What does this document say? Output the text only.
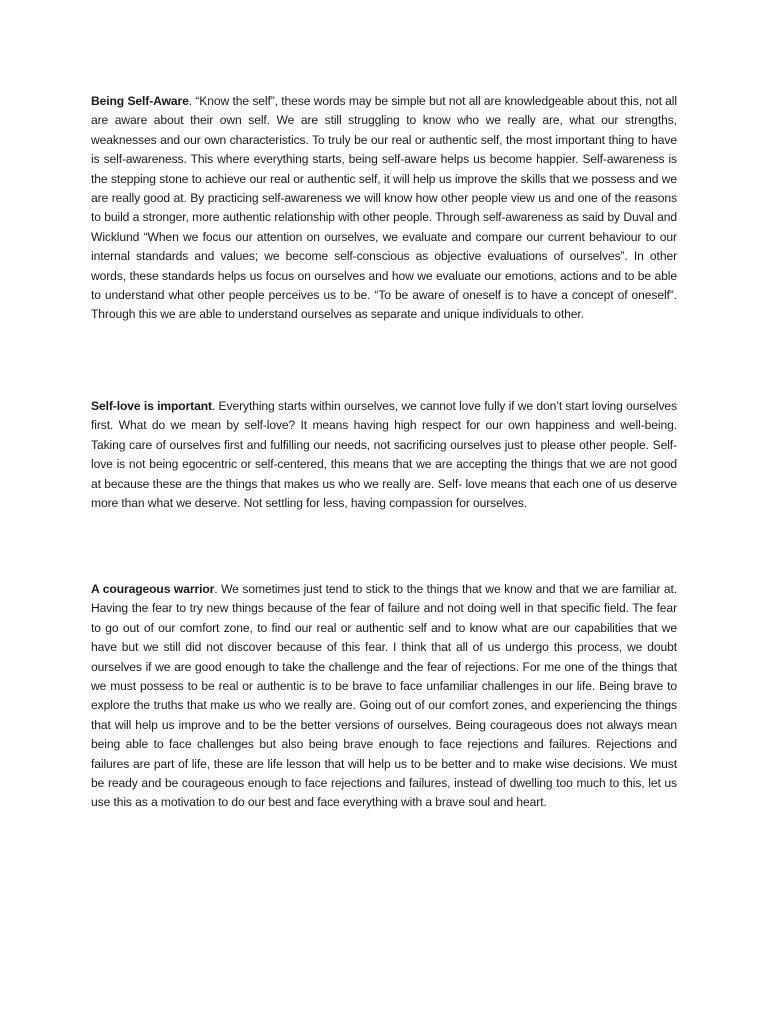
Being Self-Aware. “Know the self”, these words may be simple but not all are knowledgeable about this, not all are aware about their own self. We are still struggling to know who we really are, what our strengths, weaknesses and our own characteristics. To truly be our real or authentic self, the most important thing to have is self-awareness. This where everything starts, being self-aware helps us become happier. Self-awareness is the stepping stone to achieve our real or authentic self, it will help us improve the skills that we possess and we are really good at. By practicing self-awareness we will know how other people view us and one of the reasons to build a stronger, more authentic relationship with other people. Through self-awareness as said by Duval and Wicklund “When we focus our attention on ourselves, we evaluate and compare our current behaviour to our internal standards and values; we become self-conscious as objective evaluations of ourselves”. In other words, these standards helps us focus on ourselves and how we evaluate our emotions, actions and to be able to understand what other people perceives us to be. “To be aware of oneself is to have a concept of oneself”. Through this we are able to understand ourselves as separate and unique individuals to other.

Self-love is important. Everything starts within ourselves, we cannot love fully if we don’t start loving ourselves first. What do we mean by self-love? It means having high respect for our own happiness and well-being. Taking care of ourselves first and fulfilling our needs, not sacrificing ourselves just to please other people. Self-love is not being egocentric or self-centered, this means that we are accepting the things that we are not good at because these are the things that makes us who we really are. Self- love means that each one of us deserve more than what we deserve. Not settling for less, having compassion for ourselves.

A courageous warrior. We sometimes just tend to stick to the things that we know and that we are familiar at. Having the fear to try new things because of the fear of failure and not doing well in that specific field. The fear to go out of our comfort zone, to find our real or authentic self and to know what are our capabilities that we have but we still did not discover because of this fear. I think that all of us undergo this process, we doubt ourselves if we are good enough to take the challenge and the fear of rejections. For me one of the things that we must possess to be real or authentic is to be brave to face unfamiliar challenges in our life. Being brave to explore the truths that make us who we really are. Going out of our comfort zones, and experiencing the things that will help us improve and to be the better versions of ourselves. Being courageous does not always mean being able to face challenges but also being brave enough to face rejections and failures. Rejections and failures are part of life, these are life lesson that will help us to be better and to make wise decisions. We must be ready and be courageous enough to face rejections and failures, instead of dwelling too much to this, let us use this as a motivation to do our best and face everything with a brave soul and heart.
